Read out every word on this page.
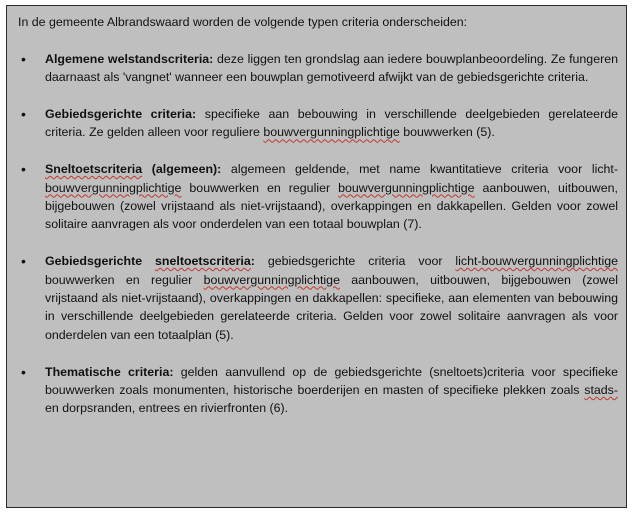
In de gemeente Albrandswaard worden de volgende typen criteria onderscheiden:

• Algemene welstandscriteria: deze liggen ten grondslag aan iedere bouwplanbeoordeling. Ze fungeren daarnaast als 'vangnet' wanneer een bouwplan gemotiveerd afwijkt van de gebiedsgerichte criteria.
• Gebiedsgerichte criteria: specifieke aan bebouwing in verschillende deelgebieden gerelateerde criteria. Ze gelden alleen voor reguliere bouwvergunningplichtige bouwwerken (5).
• Sneltoetscriteria (algemeen): algemeen geldende, met name kwantitatieve criteria voor licht-bouwvergunningplichtige bouwwerken en regulier bouwvergunningplichtige aanbouwen, uitbouwen, bijgebouwen (zowel vrijstaand als niet-vrijstaand), overkappingen en dakkapellen. Gelden voor zowel solitaire aanvragen als voor onderdelen van een totaal bouwplan (7).
• Gebiedsgerichte sneltoetscriteria: gebiedsgerichte criteria voor licht-bouwvergunningplichtige bouwwerken en regulier bouwvergunningplichtige aanbouwen, uitbouwen, bijgebouwen (zowel vrijstaand als niet-vrijstaand), overkappingen en dakkapellen: specifieke, aan elementen van bebouwing in verschillende deelgebieden gerelateerde criteria. Gelden voor zowel solitaire aanvragen als voor onderdelen van een totaalplan (5).
• Thematische criteria: gelden aanvullend op de gebiedsgerichte (sneltoets)criteria voor specifieke bouwwerken zoals monumenten, historische boerderijen en masten of specifieke plekken zoals stads- en dorpsranden, entrees en rivierfronten (6).
